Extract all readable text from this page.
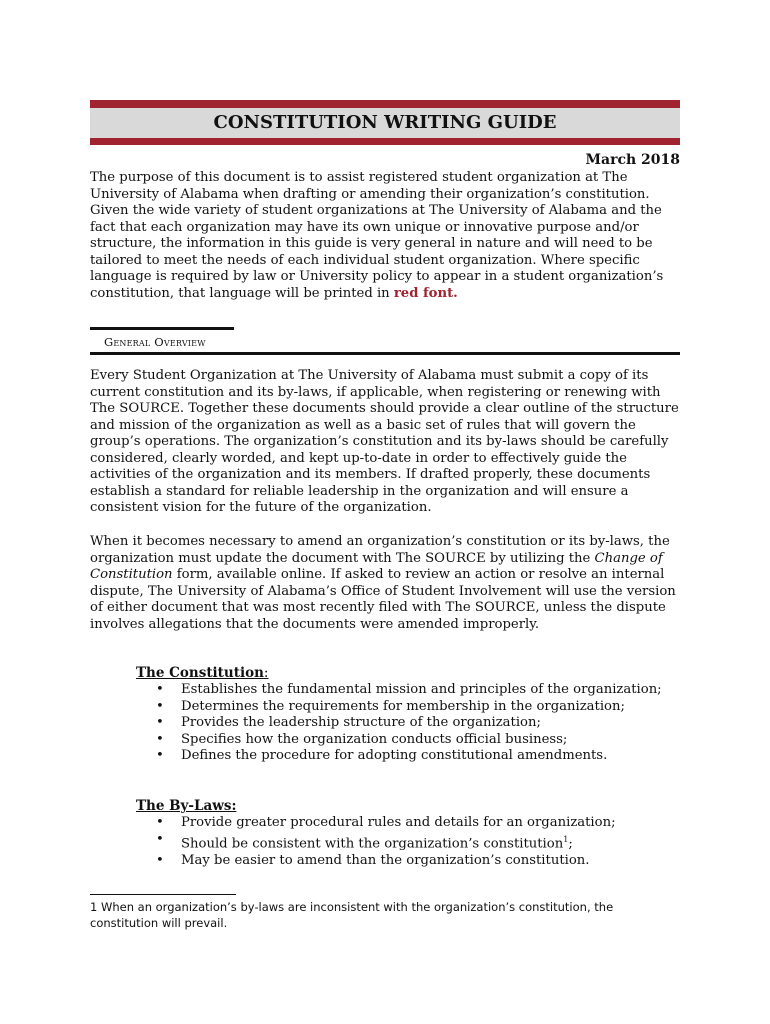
CONSTITUTION WRITING GUIDE
March 2018

The purpose of this document is to assist registered student organization at The University of Alabama when drafting or amending their organization’s constitution. Given the wide variety of student organizations at The University of Alabama and the fact that each organization may have its own unique or innovative purpose and/or structure, the information in this guide is very general in nature and will need to be tailored to meet the needs of each individual student organization. Where specific language is required by law or University policy to appear in a student organization’s constitution, that language will be printed in red font.

General Overview

Every Student Organization at The University of Alabama must submit a copy of its current constitution and its by-laws, if applicable, when registering or renewing with The SOURCE. Together these documents should provide a clear outline of the structure and mission of the organization as well as a basic set of rules that will govern the group’s operations. The organization’s constitution and its by-laws should be carefully considered, clearly worded, and kept up-to-date in order to effectively guide the activities of the organization and its members. If drafted properly, these documents establish a standard for reliable leadership in the organization and will ensure a consistent vision for the future of the organization.

When it becomes necessary to amend an organization’s constitution or its by-laws, the organization must update the document with The SOURCE by utilizing the Change of Constitution form, available online. If asked to review an action or resolve an internal dispute, The University of Alabama’s Office of Student Involvement will use the version of either document that was most recently filed with The SOURCE, unless the dispute involves allegations that the documents were amended improperly.

The Constitution:
• Establishes the fundamental mission and principles of the organization;
• Determines the requirements for membership in the organization;
• Provides the leadership structure of the organization;
• Specifies how the organization conducts official business;
• Defines the procedure for adopting constitutional amendments.
The By-Laws:
• Provide greater procedural rules and details for an organization;
• Should be consistent with the organization’s constitution$^1$;
• May be easier to amend than the organization’s constitution.
1 When an organization’s by-laws are inconsistent with the organization’s constitution, the constitution will prevail.
